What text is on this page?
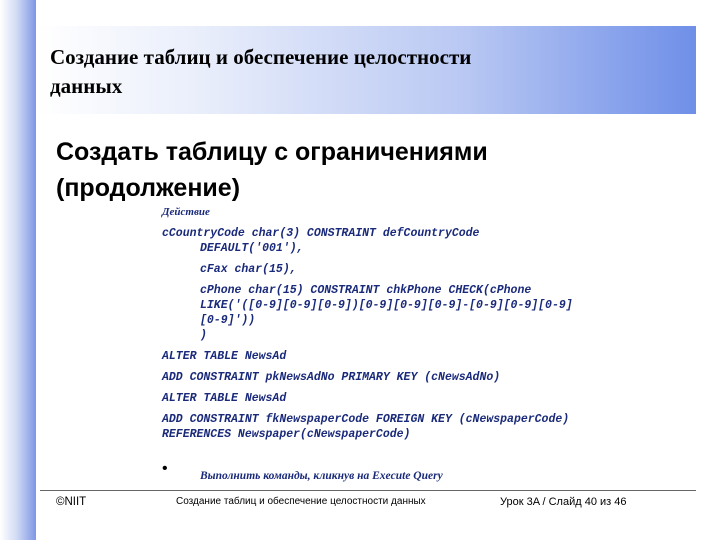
Создание таблиц и обеспечение целостности
данных
Создать таблицу с ограничениями
(продолжение)

Действие

cCountryCode char(3) CONSTRAINT defCountryCode
DEFAULT('001'),
cFax char(15),
cPhone char(15) CONSTRAINT chkPhone CHECK(cPhone
LIKE('([0-9][0-9][0-9])[0-9][0-9][0-9]-[0-9][0-9][0-9]
[0-9]'))
)
ALTER TABLE NewsAd
ADD CONSTRAINT pkNewsAdNo PRIMARY KEY (cNewsAdNo)
ALTER TABLE NewsAd
ADD CONSTRAINT fkNewspaperCode FOREIGN KEY (cNewspaperCode)
REFERENCES Newspaper(cNewspaperCode)
•	Выполнить команды, кликнув на Execute Query
©NIIT	Создание таблиц и обеспечение целостности данных	Урок 3A / Слайд 40 из 46
